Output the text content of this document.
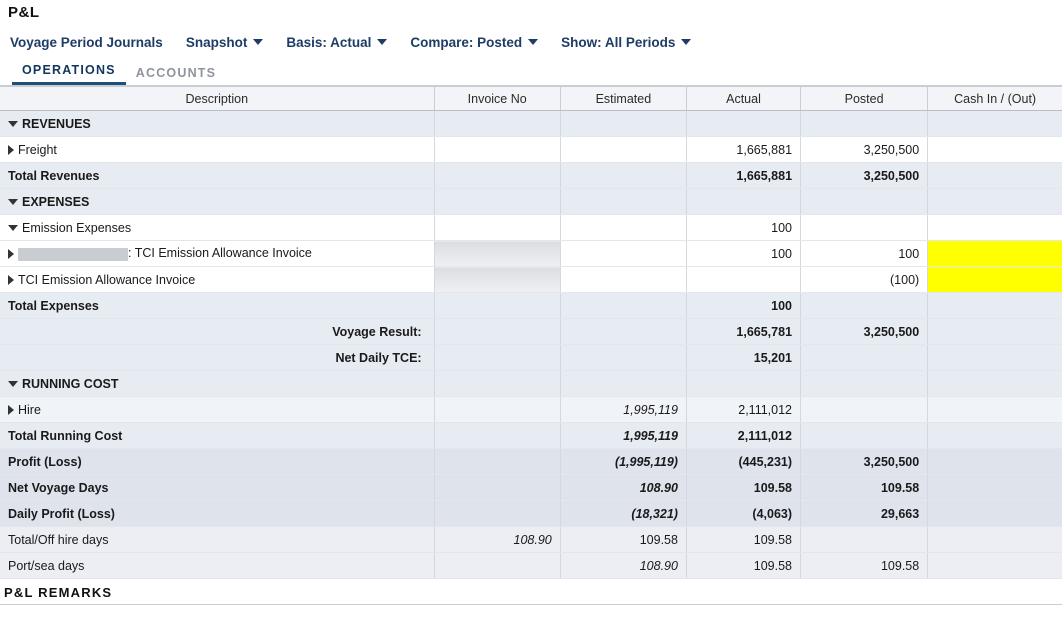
P&L
Voyage Period Journals Snapshot	Basis: Actual	Compare: Posted	Show: All Periods
OPERATIONS	ACCOUNTS
Description	Invoice No	Estimated	Actual	Posted	Cash In / (Out)
REVENUES					
Freight			1,665,881	3,250,500	
Total Revenues			1,665,881	3,250,500	
EXPENSES					
Emission Expenses			100		
: TCI Emission Allowance Invoice			100	100	
TCI Emission Allowance Invoice				(100)	
Total Expenses			100		

Voyage Result:			1,665,781	3,250,500	

Net Daily TCE:			15,201		
RUNNING COST					
Hire		1,995,119	2,111,012		
Total Running Cost		1,995,119	2,111,012		
Profit (Loss)		(1,995,119)	(445,231)	3,250,500	
Net Voyage Days		108.90	109.58	109.58	
Daily Profit (Loss)		(18,321)	(4,063)	29,663	
Total/Off hire days	108.90	109.58	109.58		
Port/sea days		108.90	109.58	109.58	
P&L REMARKS
